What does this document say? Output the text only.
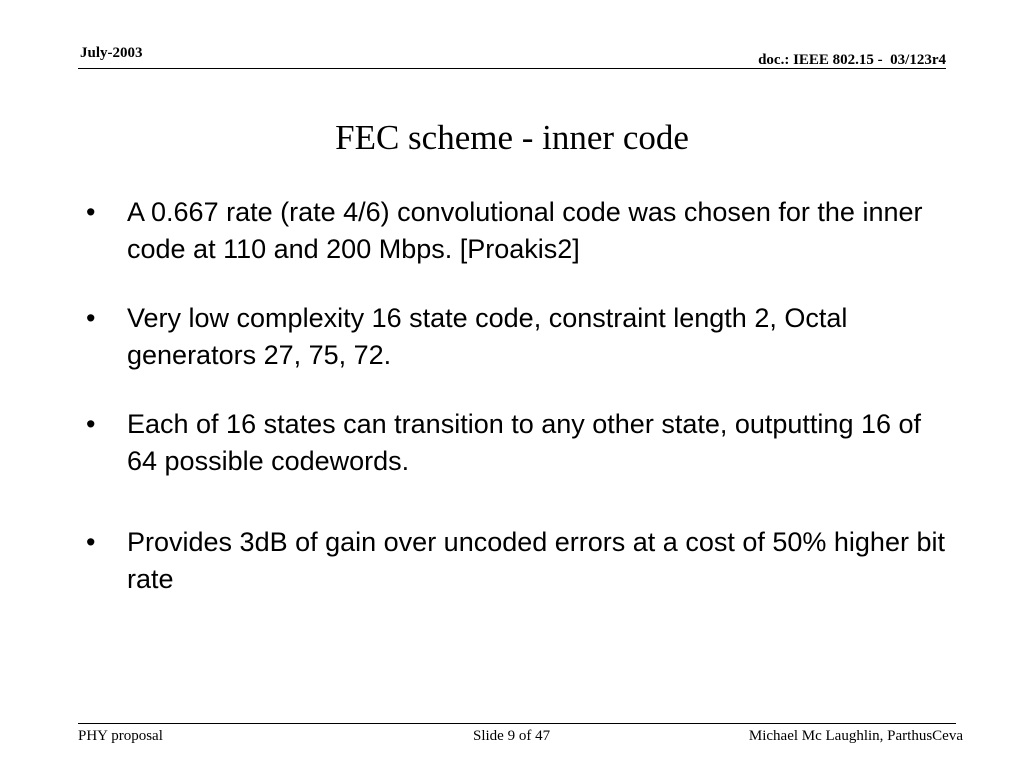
July-2003	doc.: IEEE 802.15 -  03/123r4
FEC scheme - inner code
•	A 0.667 rate (rate 4/6) convolutional code was chosen for the inner code at 110 and 200 Mbps. [Proakis2]
•	Very low complexity 16 state code, constraint length 2, Octal generators 27, 75, 72.
•	Each of 16 states can transition to any other state, outputting 16 of 64 possible codewords.
•	Provides 3dB of gain over uncoded errors at a cost of 50% higher bit rate
PHY proposal	Slide 9 of 47	Michael Mc Laughlin, ParthusCeva
